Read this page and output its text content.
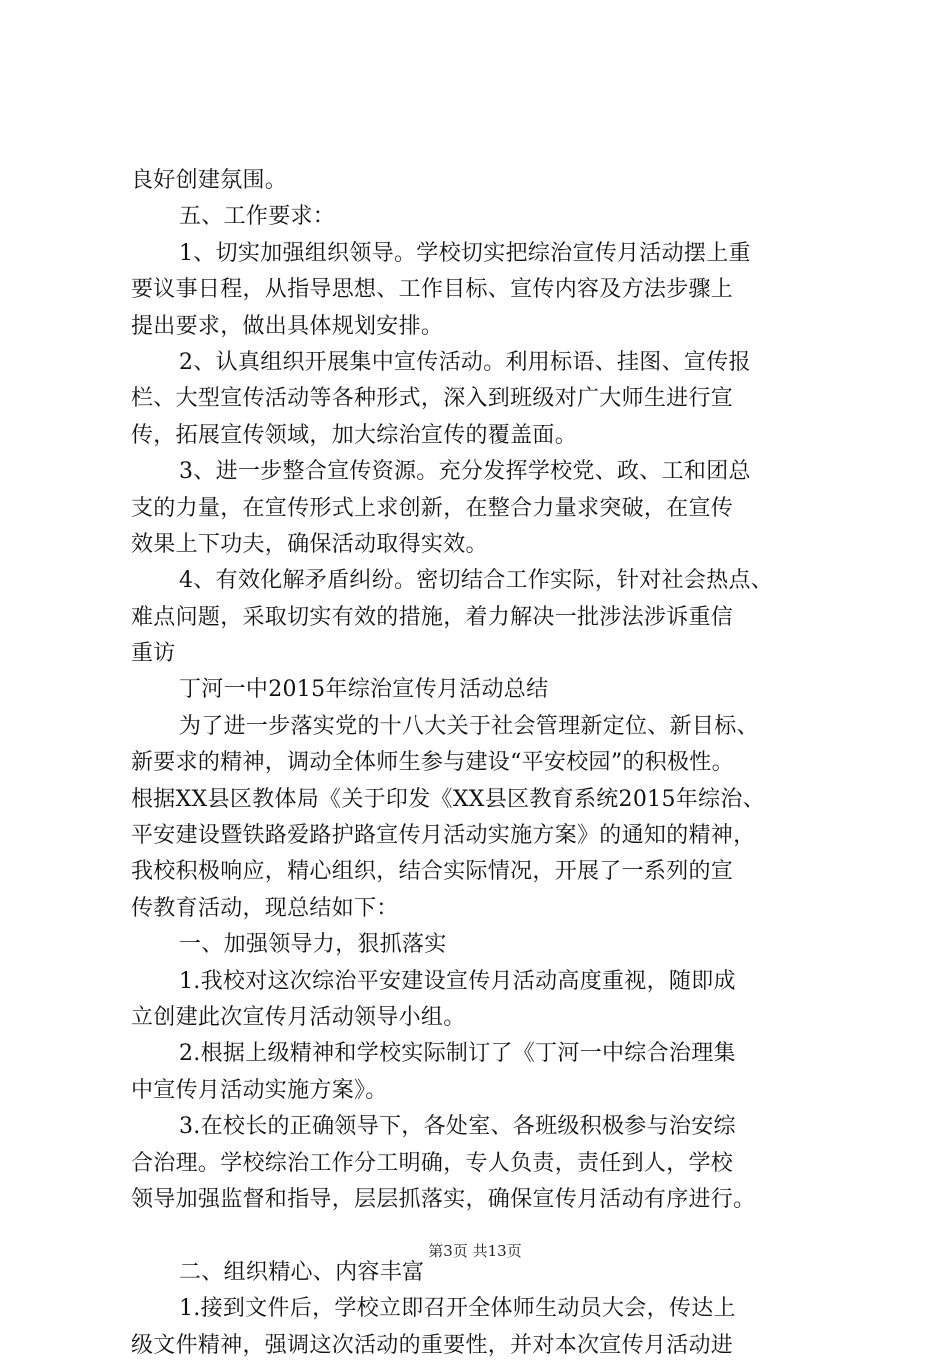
良好创建氛围。
五、工作要求：
1、切实加强组织领导。学校切实把综治宣传月活动摆上重
要议事日程，从指导思想、工作目标、宣传内容及方法步骤上
提出要求，做出具体规划安排。
2、认真组织开展集中宣传活动。利用标语、挂图、宣传报
栏、大型宣传活动等各种形式，深入到班级对广大师生进行宣
传，拓展宣传领域，加大综治宣传的覆盖面。
3、进一步整合宣传资源。充分发挥学校党、政、工和团总
支的力量，在宣传形式上求创新，在整合力量求突破，在宣传
效果上下功夫，确保活动取得实效。
4、有效化解矛盾纠纷。密切结合工作实际，针对社会热点、
难点问题，采取切实有效的措施，着力解决一批涉法涉诉重信
重访
丁河一中2015年综治宣传月活动总结
为了进一步落实党的十八大关于社会管理新定位、新目标、
新要求的精神，调动全体师生参与建设“平安校园”的积极性。
根据XX县区教体局《关于印发《XX县区教育系统2015年综治、
平安建设暨铁路爱路护路宣传月活动实施方案》的通知的精神，
我校积极响应，精心组织，结合实际情况，开展了一系列的宣
传教育活动，现总结如下：
一、加强领导力，狠抓落实
1.我校对这次综治平安建设宣传月活动高度重视，随即成
立创建此次宣传月活动领导小组。
2.根据上级精神和学校实际制订了《丁河一中综合治理集
中宣传月活动实施方案》。
3.在校长的正确领导下，各处室、各班级积极参与治安综
合治理。学校综治工作分工明确，专人负责，责任到人，学校
领导加强监督和指导，层层抓落实，确保宣传月活动有序进行。
二、组织精心、内容丰富
1.接到文件后，学校立即召开全体师生动员大会，传达上
级文件精神，强调这次活动的重要性，并对本次宣传月活动进
第3页 共13页
